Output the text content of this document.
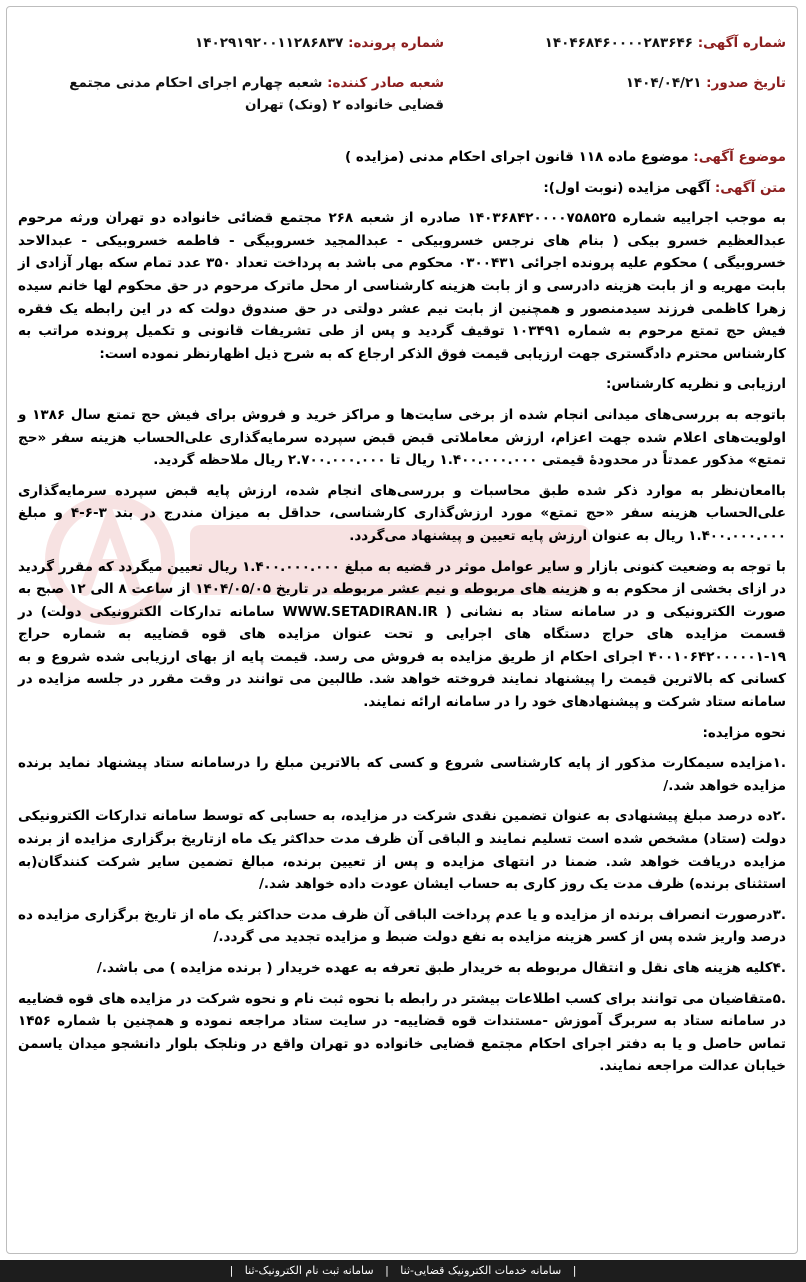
شماره آگهی: ۱۴۰۴۶۸۴۶۰۰۰۰۲۸۳۶۴۶
شماره پرونده: ۱۴۰۲۹۱۹۲۰۰۱۱۲۸۶۸۳۷
تاریخ صدور: ۱۴۰۴/۰۴/۲۱
شعبه صادر کننده: شعبه چهارم اجرای احکام مدنی مجتمع قضایی خانواده ۲ (ونک) تهران

موضوع آگهی: موضوع ماده ۱۱۸ قانون اجرای احکام مدنی (مزایده )

متن آگهی: آگهی مزایده (نوبت اول):

به موجب اجراییه شماره ۱۴۰۳۶۸۴۲۰۰۰۰۷۵۸۵۲۵ صادره از شعبه ۲۶۸ مجتمع قضائی خانواده دو تهران ورثه مرحوم عبدالعظیم خسرو بیکی ( بنام های نرجس خسروبیکی - عبدالمجید خسروبیگی - فاطمه خسروبیکی - عبدالاحد خسروبیگی ) محکوم علیه پرونده اجرائی ۰۳۰۰۴۳۱ محکوم می باشد به پرداخت تعداد ۳۵۰ عدد تمام سکه بهار آزادی از بابت مهریه و از بابت هزینه دادرسی و از بابت هزینه کارشناسی ار محل ماترک مرحوم در حق محکوم لها خانم سیده زهرا کاظمی فرزند سیدمنصور و همچنین از بابت نیم عشر دولتی در حق صندوق دولت که در این رابطه یک فقره فیش حج تمتع مرحوم به شماره ۱۰۳۴۹۱ توقیف گردید و پس از طی تشریفات قانونی و تکمیل پرونده مراتب به کارشناس محترم دادگستری جهت ارزیابی قیمت فوق الذکر ارجاع که به شرح ذیل اظهارنظر نموده است:

ارزیابی و نظریه کارشناس:

باتوجه به بررسی‌های میدانی انجام شده از برخی سایت‌ها و مراکز خرید و فروش برای فیش حج تمتع سال ۱۳۸۶ و اولویت‌های اعلام شده جهت اعزام، ارزش معاملاتی قبض قبض سپرده سرمایه‌گذاری علی‌الحساب هزینه سفر «حج تمتع» مذکور عمدتاً در محدودهٔ قیمتی ۱.۴۰۰.۰۰۰.۰۰۰ ریال تا ۲.۷۰۰.۰۰۰.۰۰۰ ریال ملاحظه گردید.

باامعان‌نظر به موارد ذکر شده طبق محاسبات و بررسی‌های انجام شده، ارزش پایه قبض سپرده سرمایه‌گذاری علی‌الحساب هزینه سفر «حج تمتع» مورد ارزش‌گذاری کارشناسی، حداقل به میزان مندرج در بند ۳-۶-۴ و مبلغ ۱.۴۰۰.۰۰۰.۰۰۰ ریال به عنوان ارزش پایه تعیین و پیشنهاد می‌گردد.

با توجه به وضعیت کنونی بازار و سایر عوامل موثر در قضیه به مبلغ ۱.۴۰۰.۰۰۰.۰۰۰ ریال تعیین میگردد که مقرر گردید در ازای بخشی از محکوم به و هزینه های مربوطه و نیم عشر مربوطه در تاریخ ۱۴۰۴/۰۵/۰۵ از ساعت ۸ الی ۱۲ صبح به صورت الکترونیکی و در سامانه ستاد به نشانی ( WWW.SETADIRAN.IR سامانه تدارکات الکترونیکی دولت) در قسمت مزایده های حراج دستگاه های اجرایی و تحت عنوان مزایده های قوه قضاییه به شماره حراج ۱۹-۴۰۰۱۰۶۴۲۰۰۰۰۰۱ اجرای احکام از طریق مزایده به فروش می رسد. قیمت پایه از بهای ارزیابی شده شروع و به کسانی که بالاترین قیمت را پیشنهاد نمایند فروخته خواهد شد. طالبین می توانند در وقت مقرر در جلسه مزایده در سامانه ستاد شرکت و پیشنهادهای خود را در سامانه ارائه نمایند.

نحوه مزایده:

.۱مزایده سیمکارت مذکور از پایه کارشناسی شروع و کسی که بالاترین مبلغ را درسامانه ستاد پیشنهاد نماید برنده مزایده خواهد شد./

.۲ده درصد مبلغ پیشنهادی به عنوان تضمین نقدی شرکت در مزایده، به حسابی که توسط سامانه تدارکات الکترونیکی دولت (ستاد) مشخص شده است تسلیم نمایند و الباقی آن ظرف مدت حداکثر یک ماه ازتاریخ برگزاری مزایده از برنده مزایده دریافت خواهد شد. ضمنا در انتهای مزایده و پس از تعیین برنده، مبالغ تضمین سایر شرکت کنندگان(به استثنای برنده) ظرف مدت یک روز کاری به حساب ایشان عودت داده خواهد شد./

.۳درصورت انصراف برنده از مزایده و یا عدم پرداخت الباقی آن ظرف مدت حداکثر یک ماه از تاریخ برگزاری مزایده ده درصد واریز شده پس از کسر هزینه مزایده به نفع دولت ضبط و مزایده تجدید می گردد./

.۴کلیه هزینه های نقل و انتقال مربوطه به خریدار طبق تعرفه به عهده خریدار ( برنده مزایده ) می باشد./

.۵متقاضیان می توانند برای کسب اطلاعات بیشتر در رابطه با نحوه ثبت نام و نحوه شرکت در مزایده های قوه قضاییه در سامانه ستاد به سربرگ آموزش -مستندات قوه قضاییه- در سایت ستاد مراجعه نموده و همچنین با شماره ۱۴۵۶ تماس حاصل و یا به دفتر اجرای احکام مجتمع قضایی خانواده دو تهران واقع در ونلجک بلوار دانشجو میدان یاسمن خیابان عدالت مراجعه نمایند.

| سامانه خدمات الکترونیک قضایی-ثنا | سامانه ثبت نام الکترونیک-ثنا |
